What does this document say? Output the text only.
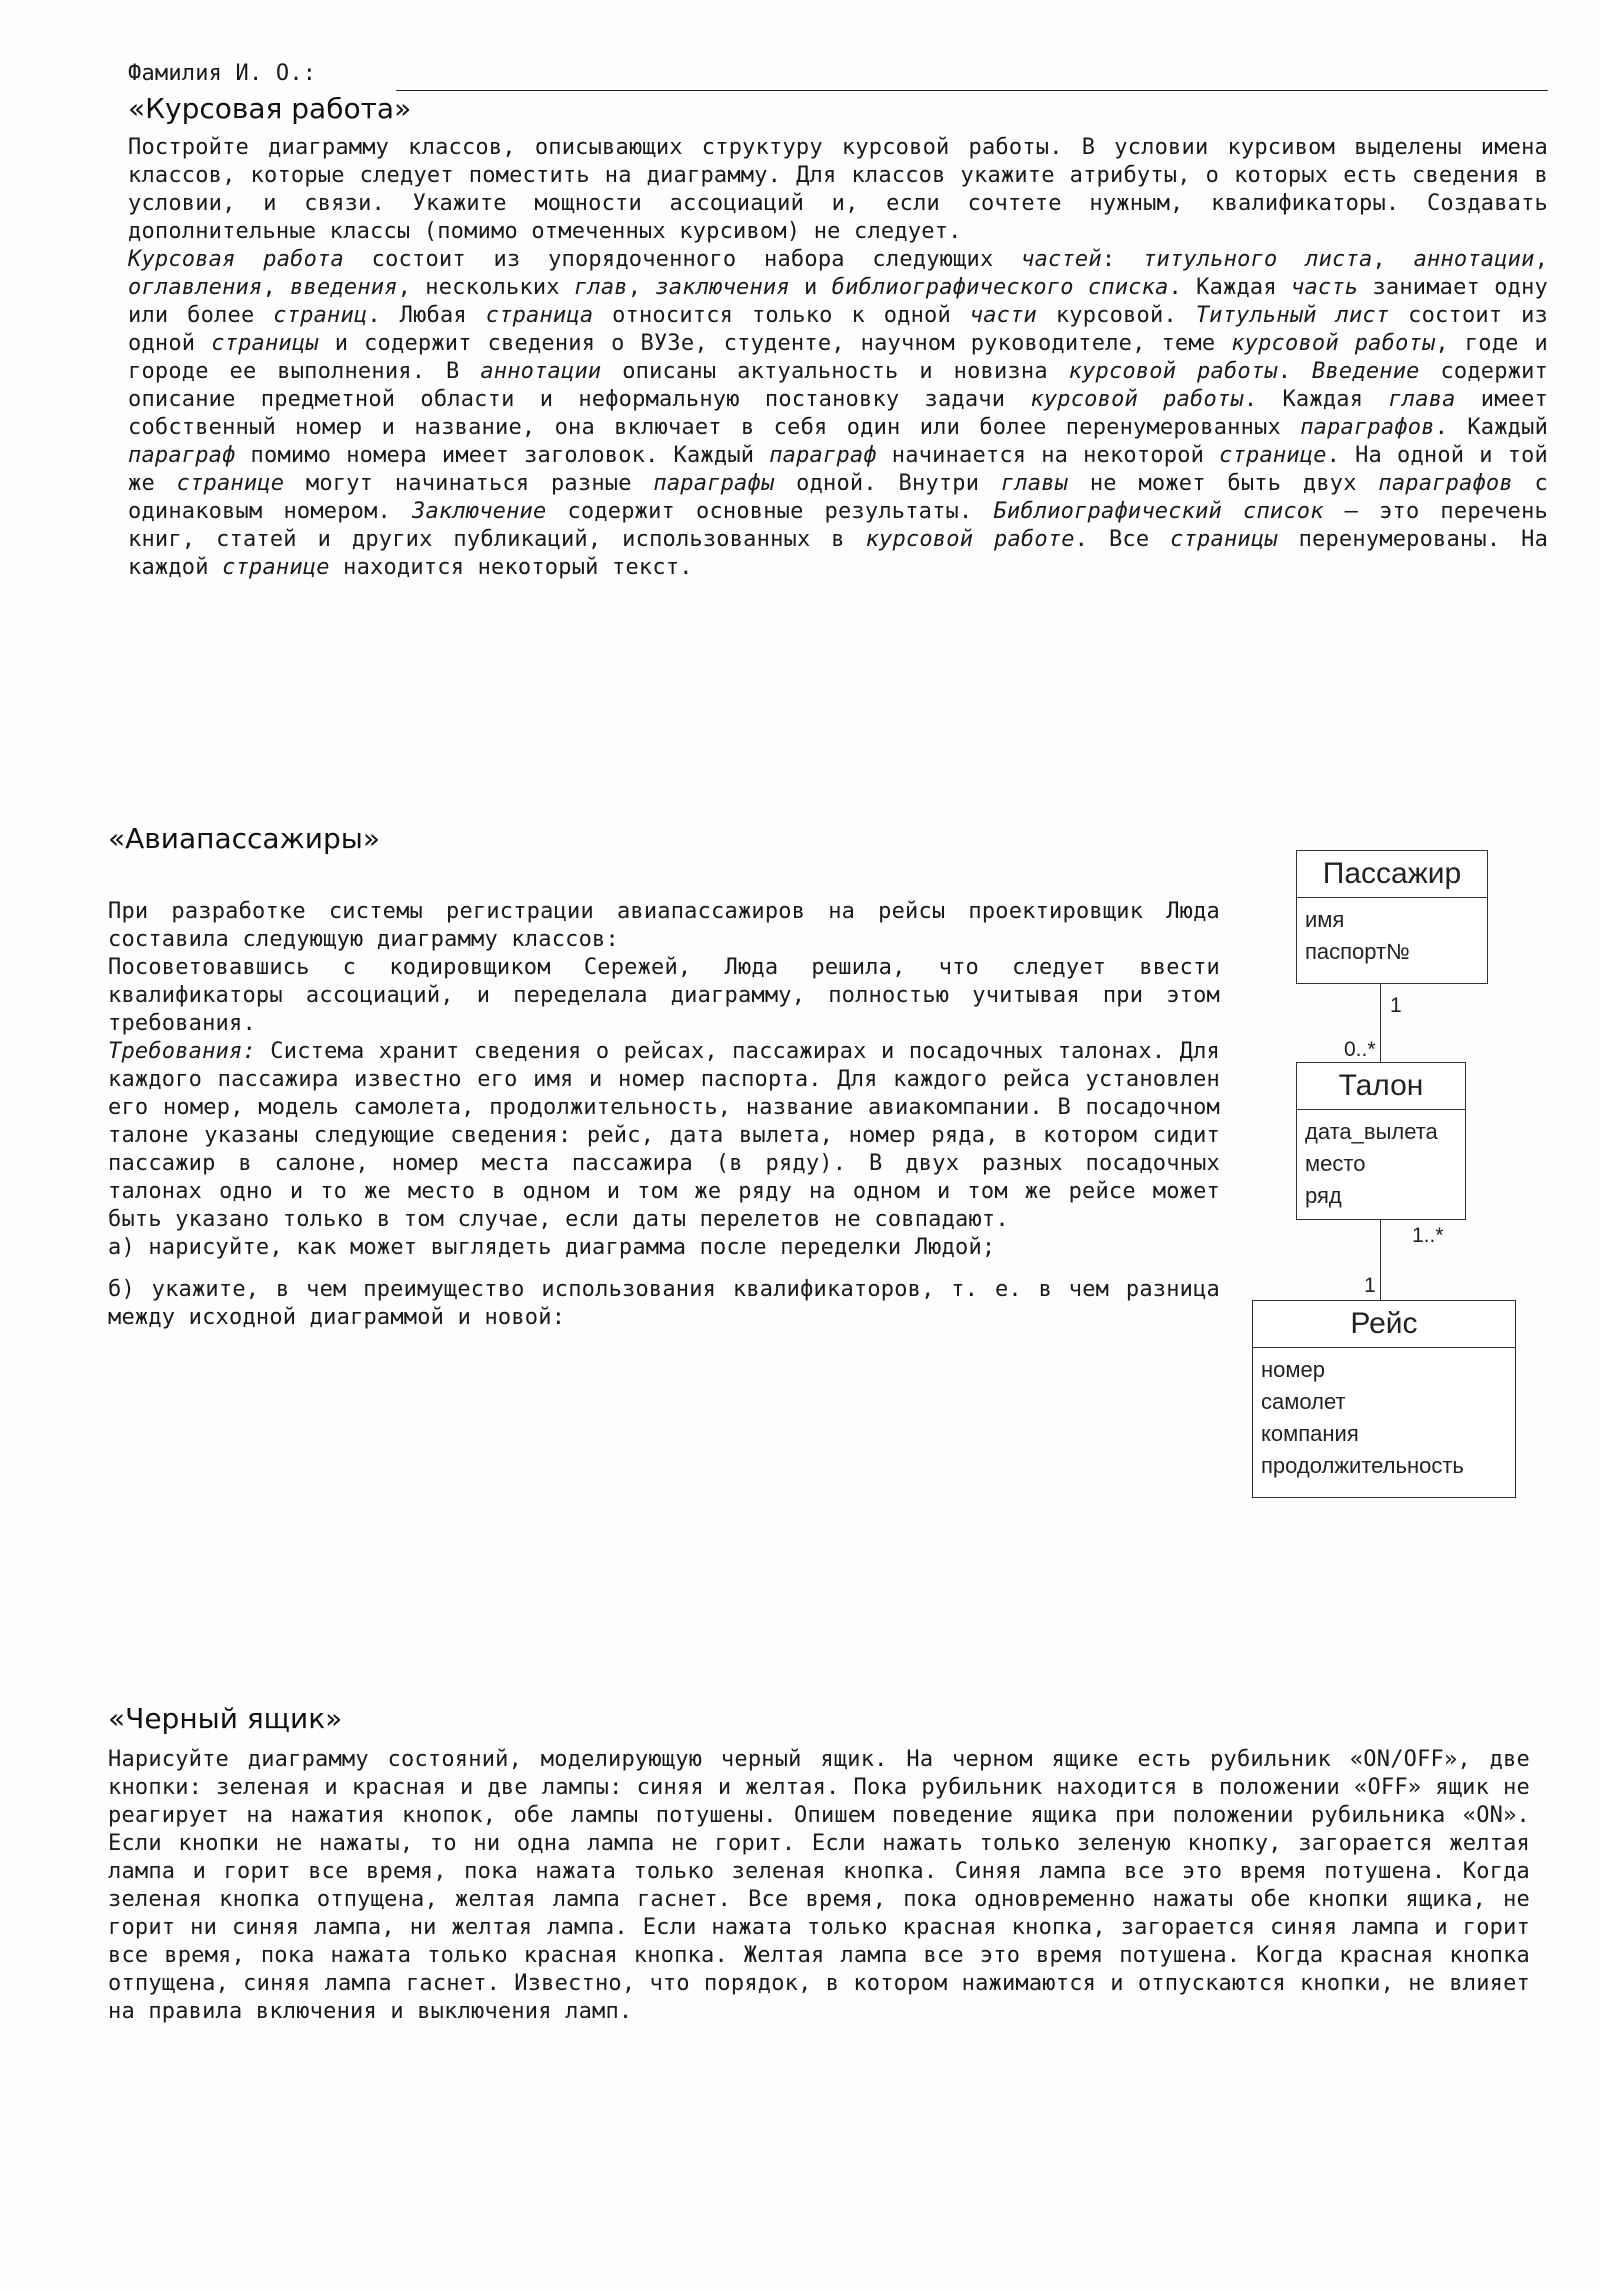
Фамилия И. О.:
«Курсовая работа»

Постройте диаграмму классов, описывающих структуру курсовой работы. В условии курсивом выделены имена классов, которые следует поместить на диаграмму. Для классов укажите атрибуты, о которых есть сведения в условии, и связи. Укажите мощности ассоциаций и, если сочтете нужным, квалификаторы. Создавать дополнительные классы (помимо отмеченных курсивом) не следует.

Курсовая работа состоит из упорядоченного набора следующих частей: титульного листа, аннотации, оглавления, введения, нескольких глав, заключения и библиографического списка. Каждая часть занимает одну или более страниц. Любая страница относится только к одной части курсовой. Титульный лист состоит из одной страницы и содержит сведения о ВУЗе, студенте, научном руководителе, теме курсовой работы, годе и городе ее выполнения. В аннотации описаны актуальность и новизна курсовой работы. Введение содержит описание предметной области и неформальную постановку задачи курсовой работы. Каждая глава имеет собственный номер и название, она включает в себя один или более перенумерованных параграфов. Каждый параграф помимо номера имеет заголовок. Каждый параграф начинается на некоторой странице. На одной и той же странице могут начинаться разные параграфы одной. Внутри главы не может быть двух параграфов с одинаковым номером. Заключение содержит основные результаты. Библиографический список – это перечень книг, статей и других публикаций, использованных в курсовой работе. Все страницы перенумерованы. На каждой странице находится некоторый текст.

«Авиапассажиры»

При разработке системы регистрации авиапассажиров на рейсы проектировщик Люда составила следующую диаграмму классов:

Посоветовавшись с кодировщиком Сережей, Люда решила, что следует ввести квалификаторы ассоциаций, и переделала диаграмму, полностью учитывая при этом требования.

Требования: Система хранит сведения о рейсах, пассажирах и посадочных талонах. Для каждого пассажира известно его имя и номер паспорта. Для каждого рейса установлен его номер, модель самолета, продолжительность, название авиакомпании. В посадочном талоне указаны следующие сведения: рейс, дата вылета, номер ряда, в котором сидит пассажир в салоне, номер места пассажира (в ряду). В двух разных посадочных талонах одно и то же место в одном и том же ряду на одном и том же рейсе может быть указано только в том случае, если даты перелетов не совпадают.

а) нарисуйте, как может выглядеть диаграмма после переделки Людой;

б) укажите, в чем преимущество использования квалификаторов, т. е. в чем разница между исходной диаграммой и новой:

Пассажир
имя
паспорт№
1
0..*
Талон
дата_вылета
место
ряд
1..*
1
Рейс
номер
самолет
компания
продолжительность
«Черный ящик»

Нарисуйте диаграмму состояний, моделирующую черный ящик. На черном ящике есть рубильник «ON/OFF», две кнопки: зеленая и красная и две лампы: синяя и желтая. Пока рубильник находится в положении «OFF» ящик не реагирует на нажатия кнопок, обе лампы потушены. Опишем поведение ящика при положении рубильника «ON». Если кнопки не нажаты, то ни одна лампа не горит. Если нажать только зеленую кнопку, загорается желтая лампа и горит все время, пока нажата только зеленая кнопка. Синяя лампа все это время потушена. Когда зеленая кнопка отпущена, желтая лампа гаснет. Все время, пока одновременно нажаты обе кнопки ящика, не горит ни синяя лампа, ни желтая лампа. Если нажата только красная кнопка, загорается синяя лампа и горит все время, пока нажата только красная кнопка. Желтая лампа все это время потушена. Когда красная кнопка отпущена, синяя лампа гаснет. Известно, что порядок, в котором нажимаются и отпускаются кнопки, не влияет на правила включения и выключения ламп.
